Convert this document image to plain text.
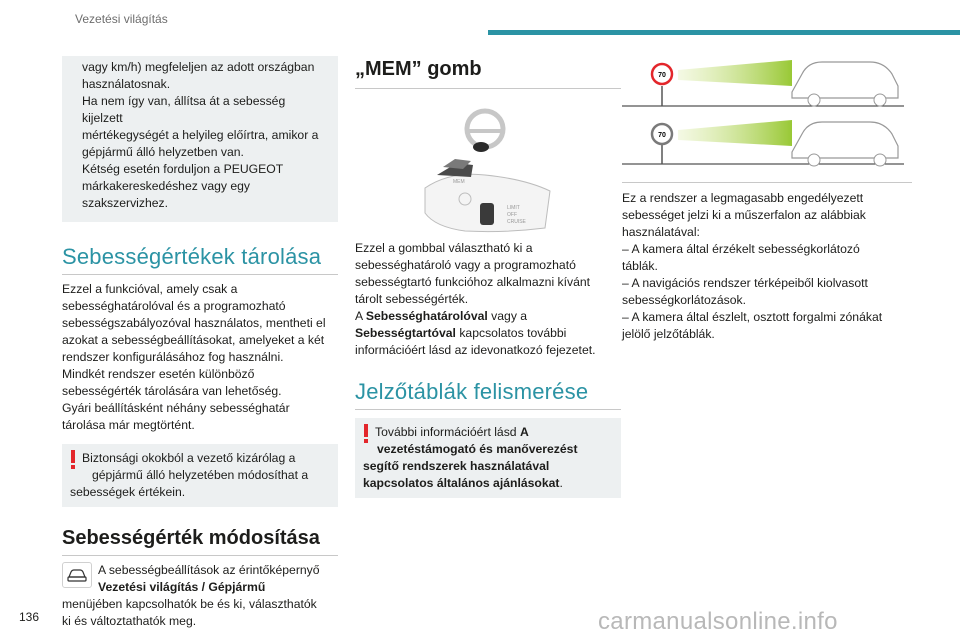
Vezetési világítás
vagy km/h) megfeleljen az adott országban
használatosnak.
Ha nem így van, állítsa át a sebesség kijelzett
mértékegységét a helyileg előírtra, amikor a
gépjármű álló helyzetben van.
Kétség esetén forduljon a PEUGEOT
márkakereskedéshez vagy egy
szakszervizhez.
Sebességértékek tárolása
Ezzel a funkcióval, amely csak a
sebességhatárolóval és a programozható
sebességszabályozóval használatos, mentheti el
azokat a sebességbeállításokat, amelyeket a két
rendszer konfigurálásához fog használni.
Mindkét rendszer esetén különböző
sebességérték tárolására van lehetőség.
Gyári beállításként néhány sebességhatár
tárolása már megtörtént.
Biztonsági okokból a vezető kizárólag a
gépjármű álló helyzetében módosíthat a
sebességek értékein.
Sebességérték módosítása
A sebességbeállítások az érintőképernyő
Vezetési világítás / Gépjármű
menüjében kapcsolhatók be és ki, választhatók
ki és változtathatók meg.
„MEM” gomb
MEM
LIMIT
OFF
CRUISE
Ezzel a gombbal választható ki a
sebességhatároló vagy a programozható
sebességtartó funkcióhoz alkalmazni kívánt
tárolt sebességérték.
A Sebességhatárolóval vagy a
Sebességtartóval kapcsolatos további
információért lásd az idevonatkozó fejezetet.
Jelzőtáblák felismerése
További információért lásd A
vezetéstámogató és manőverezést
segítő rendszerek használatával
kapcsolatos általános ajánlásokat.
70
70
Ez a rendszer a legmagasabb engedélyezett
sebességet jelzi ki a műszerfalon az alábbiak
használatával:
– A kamera által érzékelt sebességkorlátozó
táblák.
– A navigációs rendszer térképeiből kiolvasott
sebességkorlátozások.
– A kamera által észlelt, osztott forgalmi zónákat
jelölő jelzőtáblák.
136	carmanualsonline.info
